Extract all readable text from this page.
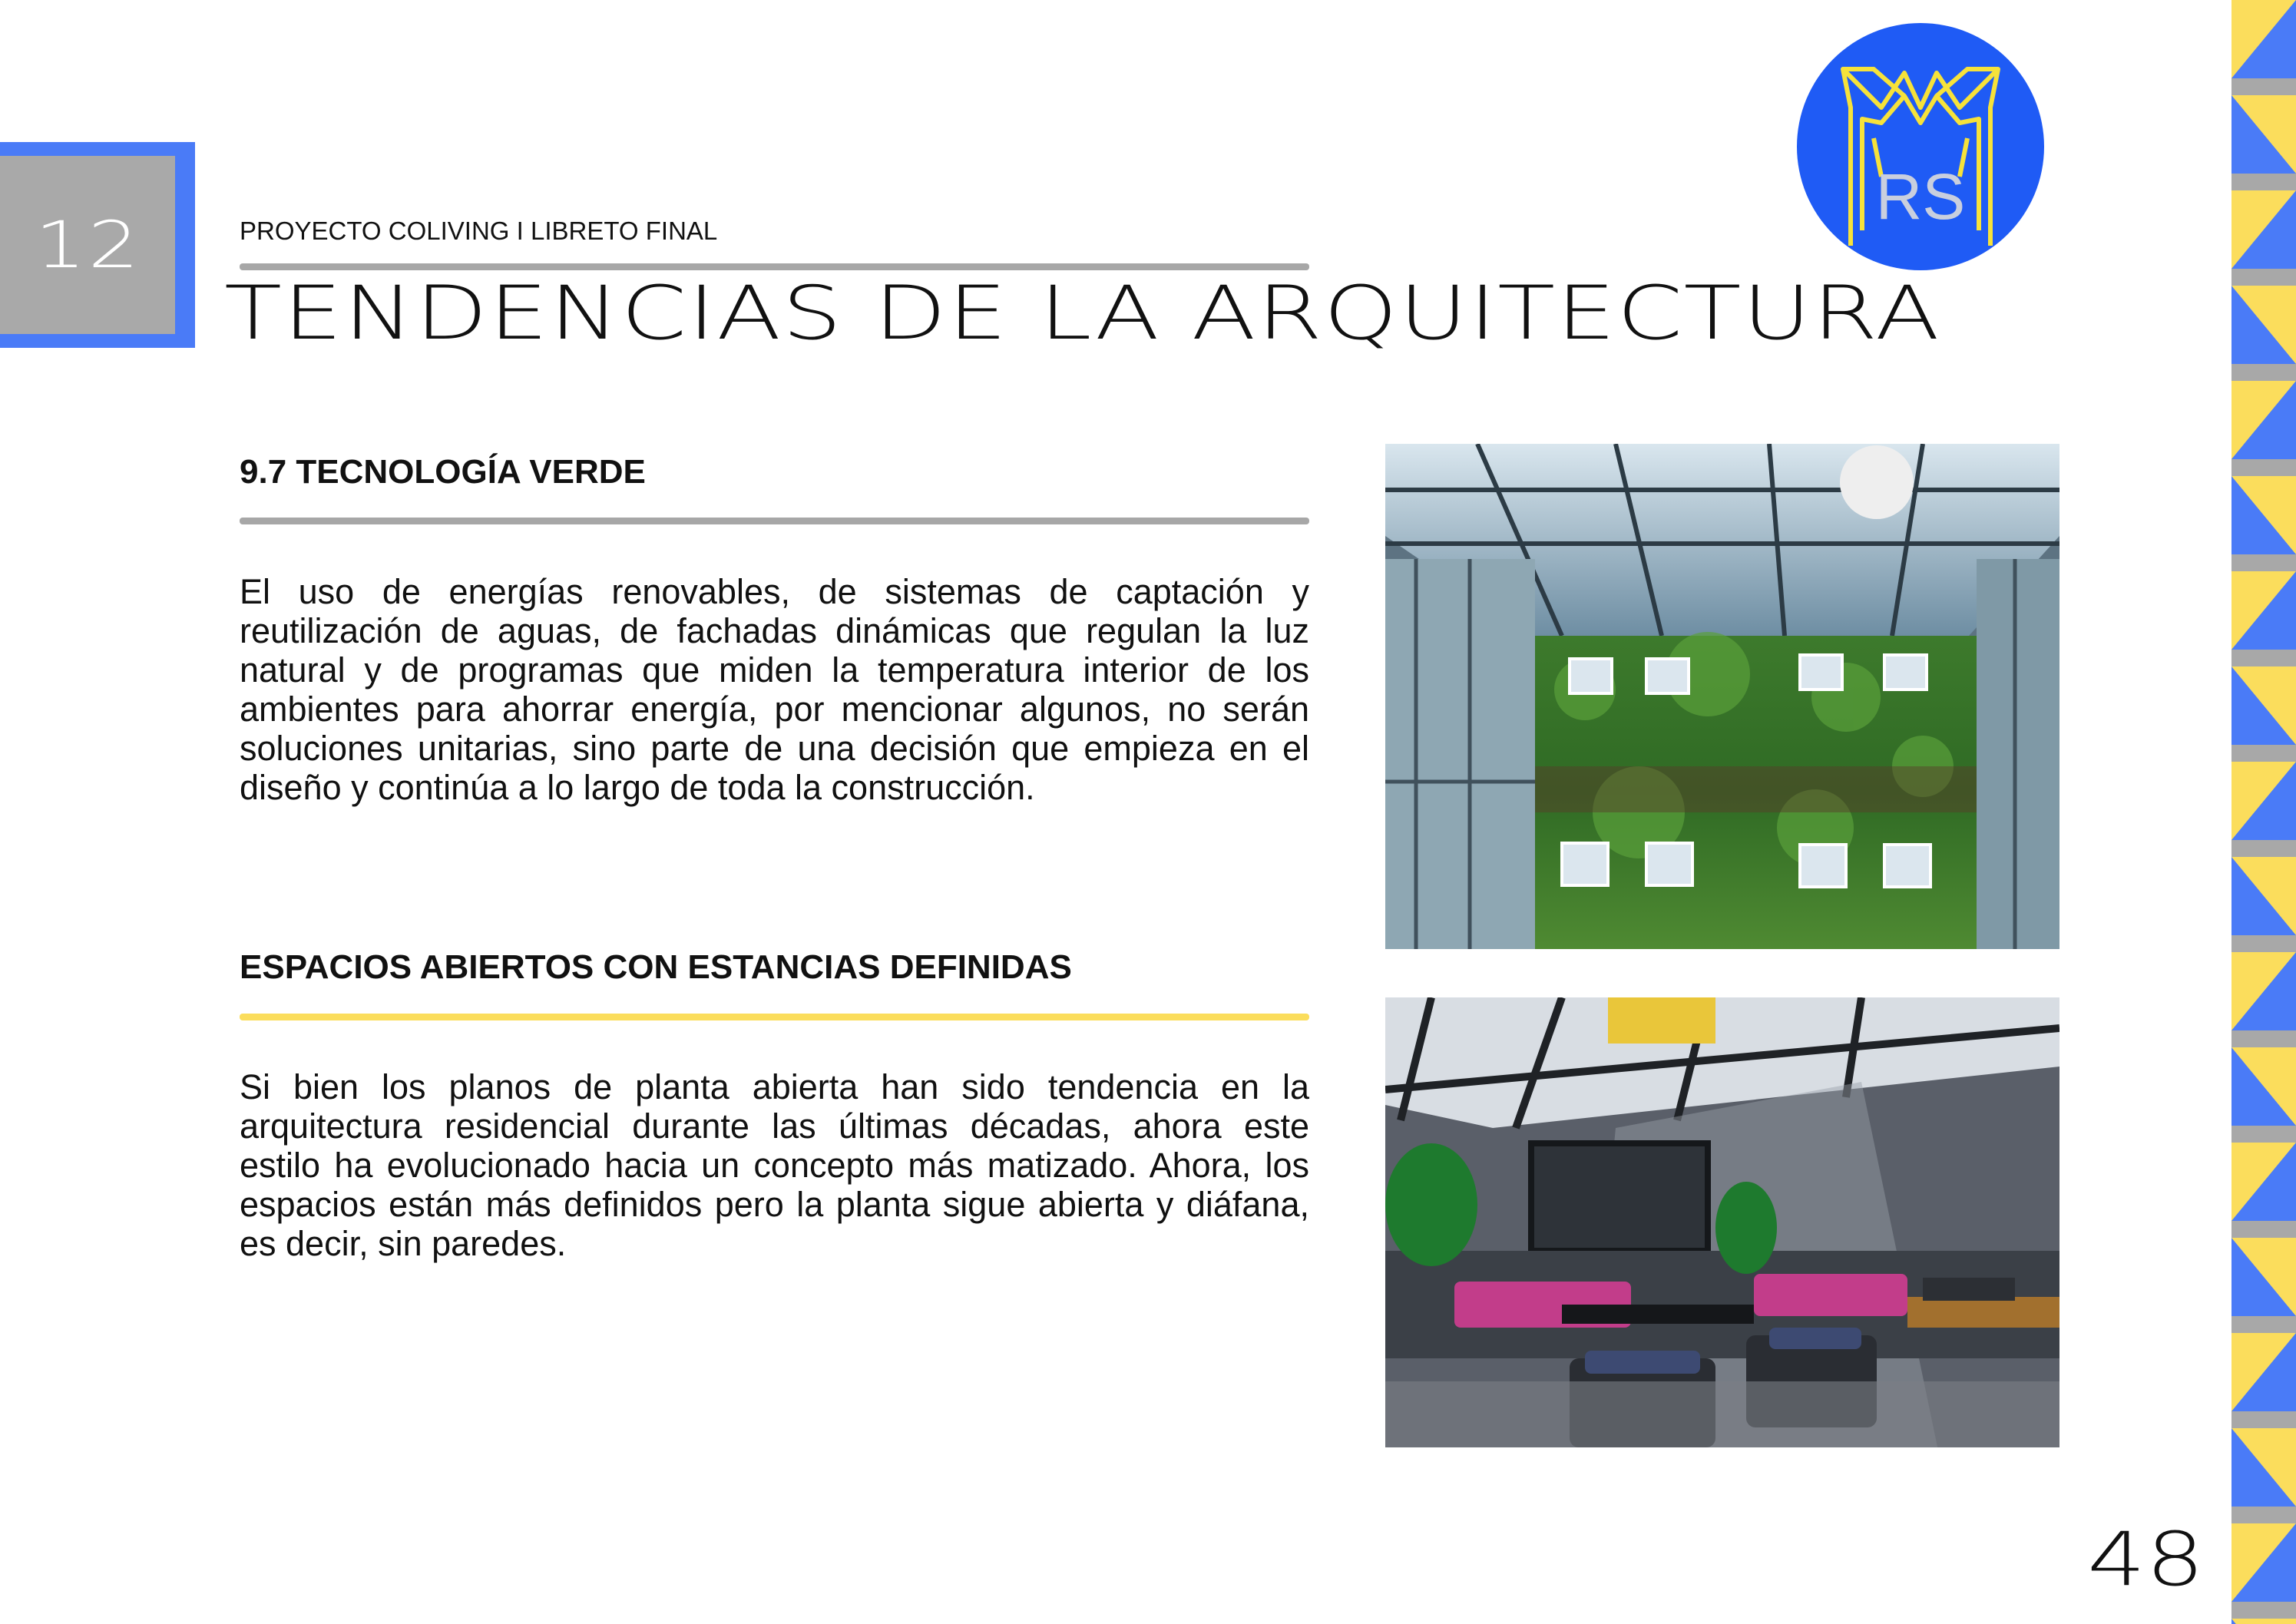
12	PROYECTO COLIVING I LIBRETO FINAL
TENDENCIAS DE LA ARQUITECTURA
RS
9.7 TECNOLOGÍA VERDE
El uso de energías renovables, de sistemas de captación y reutilización de aguas, de fachadas dinámicas que regulan la luz natural y de programas que miden la temperatura interior de los ambientes para ahorrar energía, por mencionar algunos, no serán soluciones unitarias, sino parte de una decisión que empieza en el diseño y continúa a lo largo de toda la construcción.
ESPACIOS ABIERTOS CON ESTANCIAS DEFINIDAS
Si bien los planos de planta abierta han sido tendencia en la arquitectura residencial durante las últimas décadas, ahora este estilo ha evolucionado hacia un concepto más matizado. Ahora, los espacios están más definidos pero la planta sigue abierta y diáfana, es decir, sin paredes.
48
